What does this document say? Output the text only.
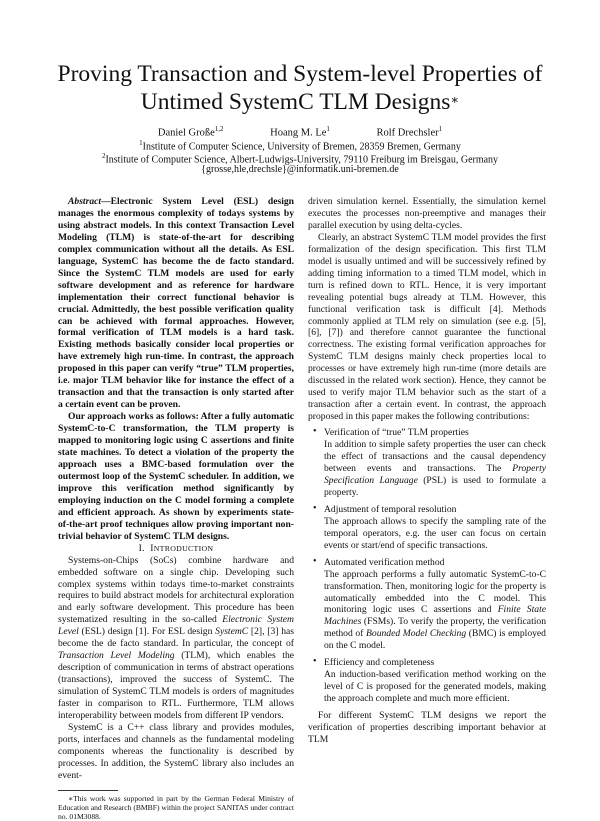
Proving Transaction and System-level Properties of
Untimed SystemC TLM Designs∗
Daniel Große$^{1,2}$	Hoang M. Le$^1$	Rolf Drechsler$^1$
$^1$Institute of Computer Science, University of Bremen, 28359 Bremen, Germany
$^2$Institute of Computer Science, Albert-Ludwigs-University, 79110 Freiburg im Breisgau, Germany
{grosse,hle,drechsle}@informatik.uni-bremen.de

Abstract—Electronic System Level (ESL) design manages the enormous complexity of todays systems by using abstract models. In this context Transaction Level Modeling (TLM) is state-of-the-art for describing complex communication without all the details. As ESL language, SystemC has become the de facto standard. Since the SystemC TLM models are used for early software development and as reference for hardware implementation their correct functional behavior is crucial. Admittedly, the best possible verification quality can be achieved with formal approaches. However, formal verification of TLM models is a hard task. Existing methods basically consider local properties or have extremely high run-time. In contrast, the approach proposed in this paper can verify “true” TLM properties, i.e. major TLM behavior like for instance the effect of a transaction and that the transaction is only started after a certain event can be proven.

Our approach works as follows: After a fully automatic SystemC-to-C transformation, the TLM property is mapped to monitoring logic using C assertions and finite state machines. To detect a violation of the property the approach uses a BMC-based formulation over the outermost loop of the SystemC scheduler. In addition, we improve this verification method significantly by employing induction on the C model forming a complete and efficient approach. As shown by experiments state-of-the-art proof techniques allow proving important non-trivial behavior of SystemC TLM designs.

I. INTRODUCTION

Systems-on-Chips (SoCs) combine hardware and embedded software on a single chip. Developing such complex systems within todays time-to-market constraints requires to build abstract models for architectural exploration and early software development. This procedure has been systematized resulting in the so-called Electronic System Level (ESL) design [1]. For ESL design SystemC [2], [3] has become the de facto standard. In particular, the concept of Transaction Level Modeling (TLM), which enables the description of communication in terms of abstract operations (transactions), improved the success of SystemC. The simulation of SystemC TLM models is orders of magnitudes faster in comparison to RTL. Furthermore, TLM allows interoperability between models from different IP vendors.

SystemC is a C++ class library and provides modules, ports, interfaces and channels as the fundamental modeling components whereas the functionality is described by processes. In addition, the SystemC library also includes an event-

∗This work was supported in part by the German Federal Ministry of Education and Research (BMBF) within the project SANITAS under contract no. 01M3088.

driven simulation kernel. Essentially, the simulation kernel executes the processes non-preemptive and manages their parallel execution by using delta-cycles.

Clearly, an abstract SystemC TLM model provides the first formalization of the design specification. This first TLM model is usually untimed and will be successively refined by adding timing information to a timed TLM model, which in turn is refined down to RTL. Hence, it is very important revealing potential bugs already at TLM. However, this functional verification task is difficult [4]. Methods commonly applied at TLM rely on simulation (see e.g. [5], [6], [7]) and therefore cannot guarantee the functional correctness. The existing formal verification approaches for SystemC TLM designs mainly check properties local to processes or have extremely high run-time (more details are discussed in the related work section). Hence, they cannot be used to verify major TLM behavior such as the start of a transaction after a certain event. In contrast, the approach proposed in this paper makes the following contributions:

• Verification of “true” TLM properties
In addition to simple safety properties the user can check the effect of transactions and the causal dependency between events and transactions. The Property Specification Language (PSL) is used to formulate a property.
• Adjustment of temporal resolution
The approach allows to specify the sampling rate of the temporal operators, e.g. the user can focus on certain events or start/end of specific transactions.
• Automated verification method
The approach performs a fully automatic SystemC-to-C transformation. Then, monitoring logic for the property is automatically embedded into the C model. This monitoring logic uses C assertions and Finite State Machines (FSMs). To verify the property, the verification method of Bounded Model Checking (BMC) is employed on the C model.
• Efficiency and completeness
An induction-based verification method working on the level of C is proposed for the generated models, making the approach complete and much more efficient.

For different SystemC TLM designs we report the verification of properties describing important behavior at TLM
